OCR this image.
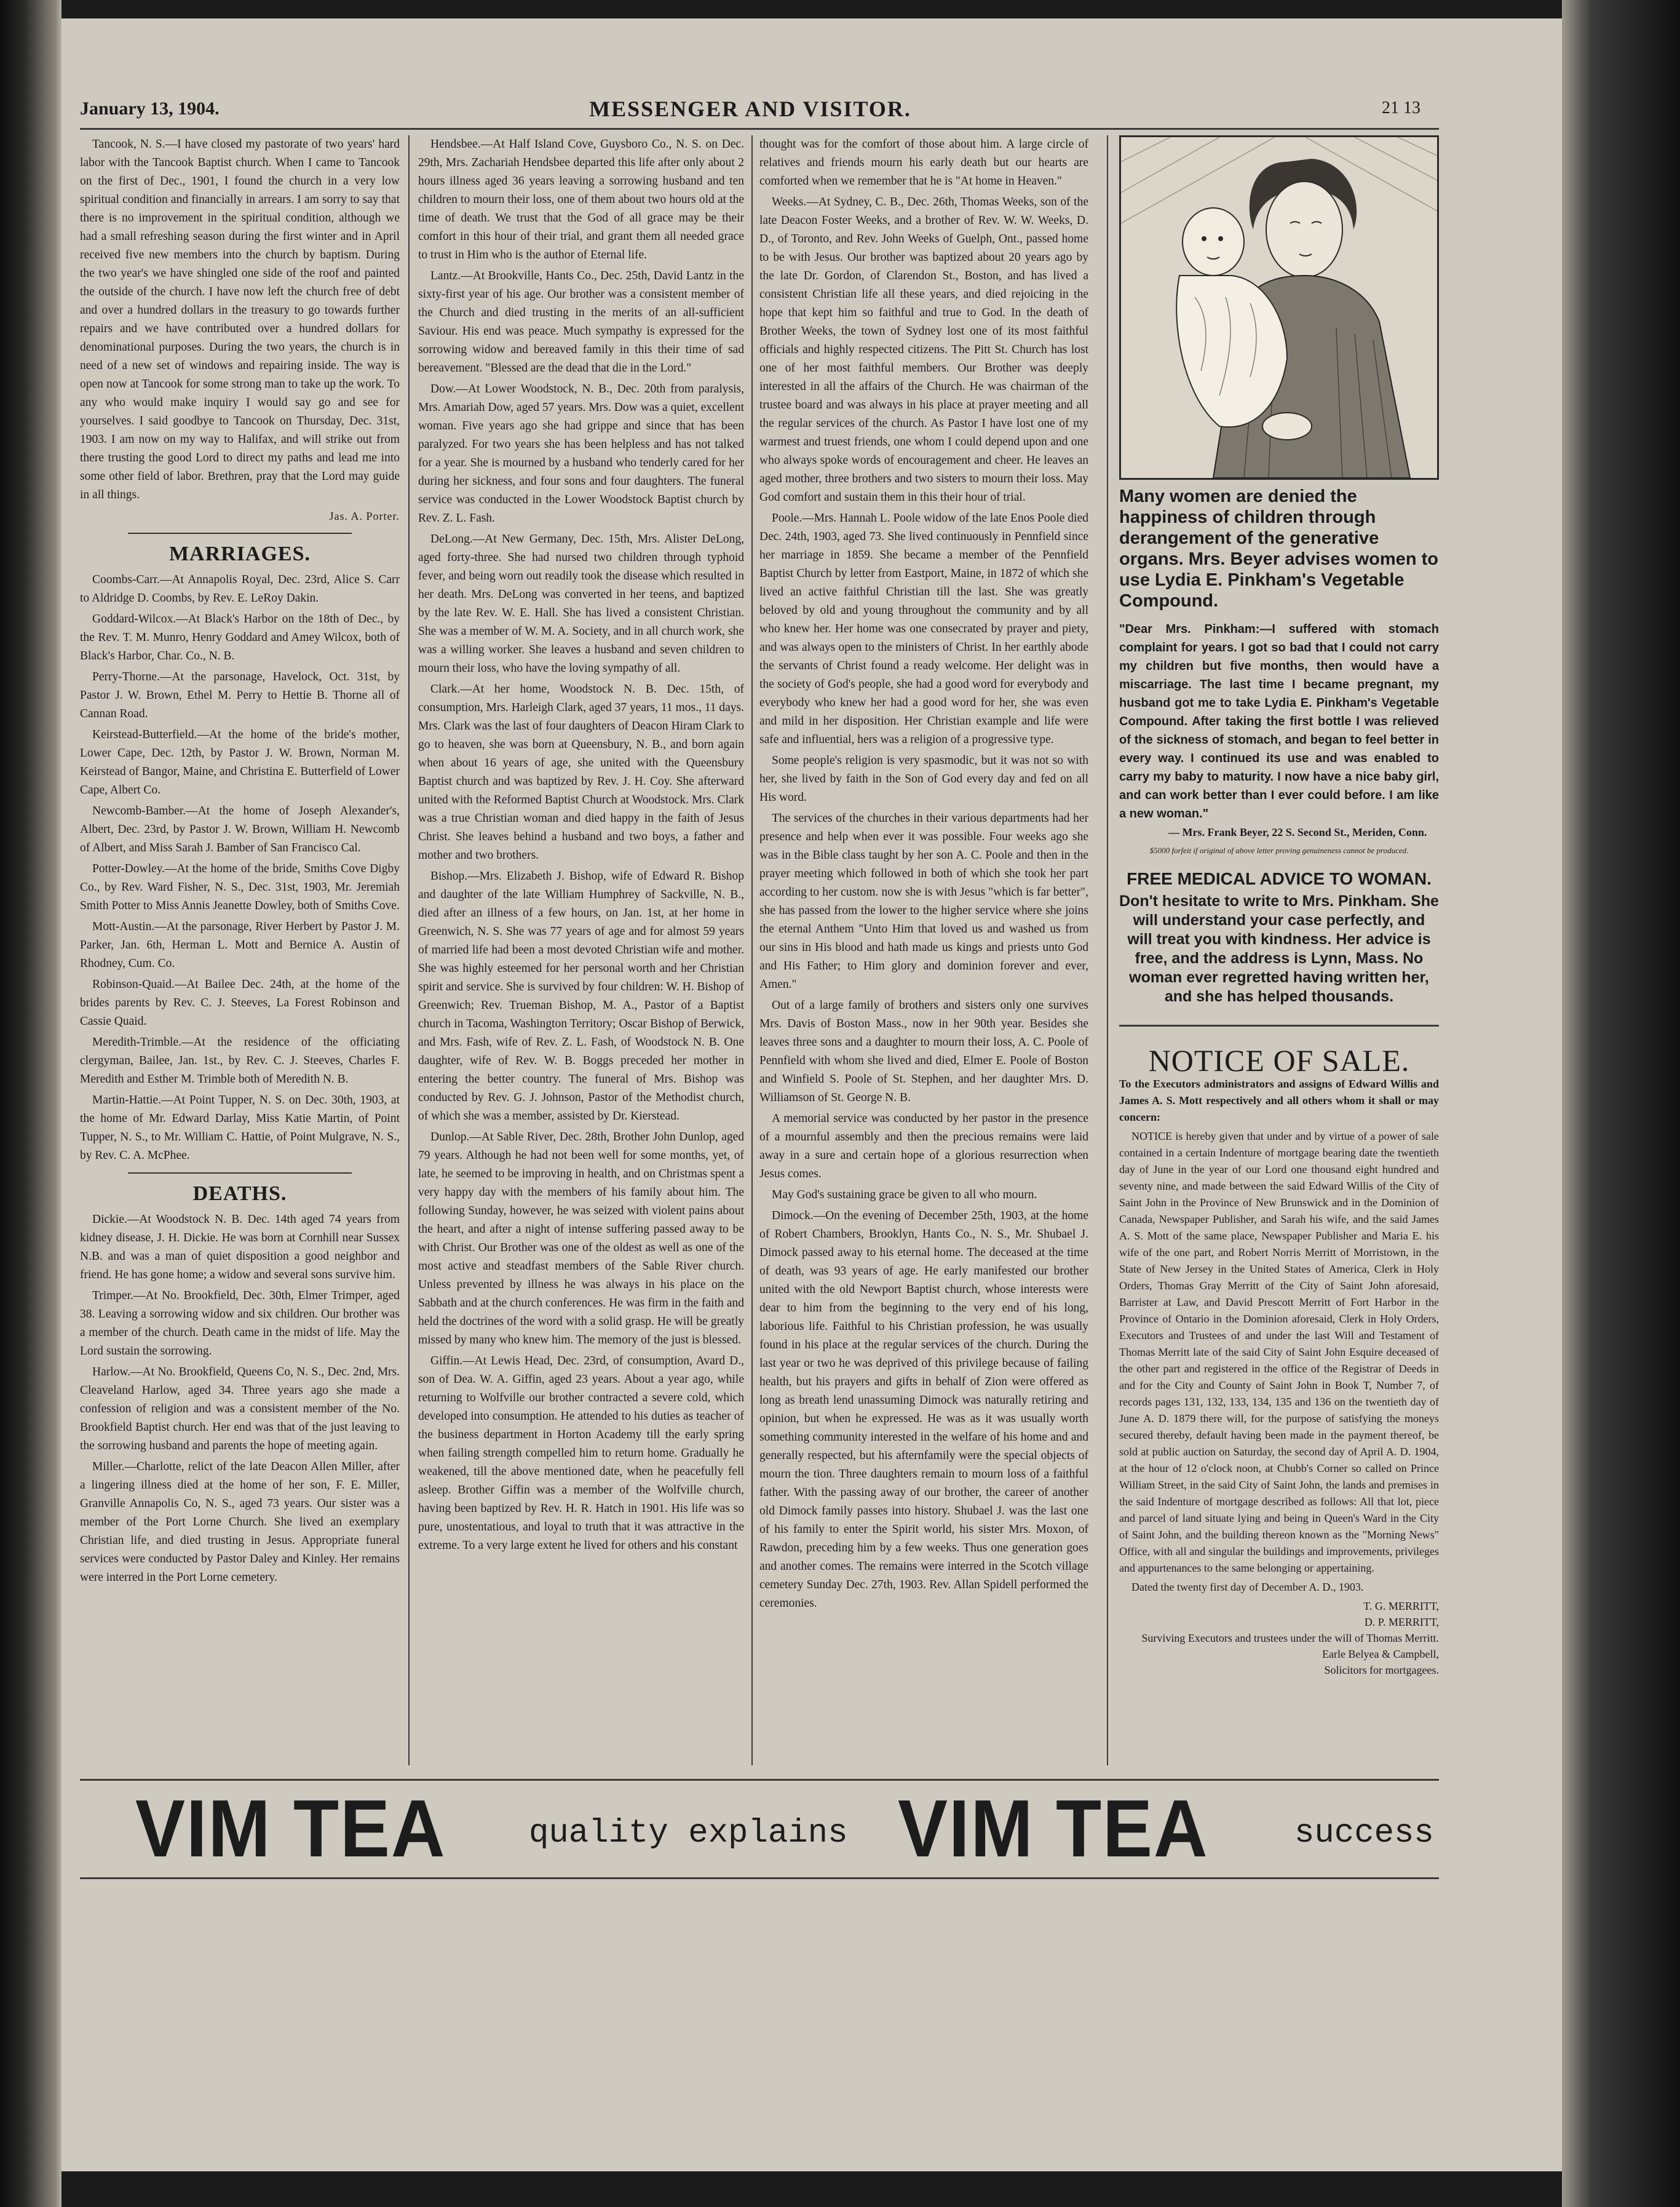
January 13, 1904.	MESSENGER AND VISITOR.	21 13

Tancook, N. S.—I have closed my pastorate of two years' hard labor with the Tancook Baptist church. When I came to Tancook on the first of Dec., 1901, I found the church in a very low spiritual condition and financially in arrears. I am sorry to say that there is no improvement in the spiritual condition, although we had a small refreshing season during the first winter and in April received five new members into the church by baptism. During the two year's we have shingled one side of the roof and painted the outside of the church. I have now left the church free of debt and over a hundred dollars in the treasury to go towards further repairs and we have contributed over a hundred dollars for denominational purposes. During the two years, the church is in need of a new set of windows and repairing inside. The way is open now at Tancook for some strong man to take up the work. To any who would make inquiry I would say go and see for yourselves. I said goodbye to Tancook on Thursday, Dec. 31st, 1903. I am now on my way to Halifax, and will strike out from there trusting the good Lord to direct my paths and lead me into some other field of labor. Brethren, pray that the Lord may guide in all things.

Jas. A. Porter.

MARRIAGES.

Coombs-Carr.—At Annapolis Royal, Dec. 23rd, Alice S. Carr to Aldridge D. Coombs, by Rev. E. LeRoy Dakin.

Goddard-Wilcox.—At Black's Harbor on the 18th of Dec., by the Rev. T. M. Munro, Henry Goddard and Amey Wilcox, both of Black's Harbor, Char. Co., N. B.

Perry-Thorne.—At the parsonage, Havelock, Oct. 31st, by Pastor J. W. Brown, Ethel M. Perry to Hettie B. Thorne all of Cannan Road.

Keirstead-Butterfield.—At the home of the bride's mother, Lower Cape, Dec. 12th, by Pastor J. W. Brown, Norman M. Keirstead of Bangor, Maine, and Christina E. Butterfield of Lower Cape, Albert Co.

Newcomb-Bamber.—At the home of Joseph Alexander's, Albert, Dec. 23rd, by Pastor J. W. Brown, William H. Newcomb of Albert, and Miss Sarah J. Bamber of San Francisco Cal.

Potter-Dowley.—At the home of the bride, Smiths Cove Digby Co., by Rev. Ward Fisher, N. S., Dec. 31st, 1903, Mr. Jeremiah Smith Potter to Miss Annis Jeanette Dowley, both of Smiths Cove.

Mott-Austin.—At the parsonage, River Herbert by Pastor J. M. Parker, Jan. 6th, Herman L. Mott and Bernice A. Austin of Rhodney, Cum. Co.

Robinson-Quaid.—At Bailee Dec. 24th, at the home of the brides parents by Rev. C. J. Steeves, La Forest Robinson and Cassie Quaid.

Meredith-Trimble.—At the residence of the officiating clergyman, Bailee, Jan. 1st., by Rev. C. J. Steeves, Charles F. Meredith and Esther M. Trimble both of Meredith N. B.

Martin-Hattie.—At Point Tupper, N. S. on Dec. 30th, 1903, at the home of Mr. Edward Darlay, Miss Katie Martin, of Point Tupper, N. S., to Mr. William C. Hattie, of Point Mulgrave, N. S., by Rev. C. A. McPhee.

DEATHS.

Dickie.—At Woodstock N. B. Dec. 14th aged 74 years from kidney disease, J. H. Dickie. He was born at Cornhill near Sussex N.B. and was a man of quiet disposition a good neighbor and friend. He has gone home; a widow and several sons survive him.

Trimper.—At No. Brookfield, Dec. 30th, Elmer Trimper, aged 38. Leaving a sorrowing widow and six children. Our brother was a member of the church. Death came in the midst of life. May the Lord sustain the sorrowing.

Harlow.—At No. Brookfield, Queens Co, N. S., Dec. 2nd, Mrs. Cleaveland Harlow, aged 34. Three years ago she made a confession of religion and was a consistent member of the No. Brookfield Baptist church. Her end was that of the just leaving to the sorrowing husband and parents the hope of meeting again.

Miller.—Charlotte, relict of the late Deacon Allen Miller, after a lingering illness died at the home of her son, F. E. Miller, Granville Annapolis Co, N. S., aged 73 years. Our sister was a member of the Port Lorne Church. She lived an exemplary Christian life, and died trusting in Jesus. Appropriate funeral services were conducted by Pastor Daley and Kinley. Her remains were interred in the Port Lorne cemetery.

Hendsbee.—At Half Island Cove, Guysboro Co., N. S. on Dec. 29th, Mrs. Zachariah Hendsbee departed this life after only about 2 hours illness aged 36 years leaving a sorrowing husband and ten children to mourn their loss, one of them about two hours old at the time of death. We trust that the God of all grace may be their comfort in this hour of their trial, and grant them all needed grace to trust in Him who is the author of Eternal life.

Lantz.—At Brookville, Hants Co., Dec. 25th, David Lantz in the sixty-first year of his age. Our brother was a consistent member of the Church and died trusting in the merits of an all-sufficient Saviour. His end was peace. Much sympathy is expressed for the sorrowing widow and bereaved family in this their time of sad bereavement. "Blessed are the dead that die in the Lord."

Dow.—At Lower Woodstock, N. B., Dec. 20th from paralysis, Mrs. Amariah Dow, aged 57 years. Mrs. Dow was a quiet, excellent woman. Five years ago she had grippe and since that has been paralyzed. For two years she has been helpless and has not talked for a year. She is mourned by a husband who tenderly cared for her during her sickness, and four sons and four daughters. The funeral service was conducted in the Lower Woodstock Baptist church by Rev. Z. L. Fash.

DeLong.—At New Germany, Dec. 15th, Mrs. Alister DeLong, aged forty-three. She had nursed two children through typhoid fever, and being worn out readily took the disease which resulted in her death. Mrs. DeLong was converted in her teens, and baptized by the late Rev. W. E. Hall. She has lived a consistent Christian. She was a member of W. M. A. Society, and in all church work, she was a willing worker. She leaves a husband and seven children to mourn their loss, who have the loving sympathy of all.

Clark.—At her home, Woodstock N. B. Dec. 15th, of consumption, Mrs. Harleigh Clark, aged 37 years, 11 mos., 11 days. Mrs. Clark was the last of four daughters of Deacon Hiram Clark to go to heaven, she was born at Queensbury, N. B., and born again when about 16 years of age, she united with the Queensbury Baptist church and was baptized by Rev. J. H. Coy. She afterward united with the Reformed Baptist Church at Woodstock. Mrs. Clark was a true Christian woman and died happy in the faith of Jesus Christ. She leaves behind a husband and two boys, a father and mother and two brothers.

Bishop.—Mrs. Elizabeth J. Bishop, wife of Edward R. Bishop and daughter of the late William Humphrey of Sackville, N. B., died after an illness of a few hours, on Jan. 1st, at her home in Greenwich, N. S. She was 77 years of age and for almost 59 years of married life had been a most devoted Christian wife and mother. She was highly esteemed for her personal worth and her Christian spirit and service. She is survived by four children: W. H. Bishop of Greenwich; Rev. Trueman Bishop, M. A., Pastor of a Baptist church in Tacoma, Washington Territory; Oscar Bishop of Berwick, and Mrs. Fash, wife of Rev. Z. L. Fash, of Woodstock N. B. One daughter, wife of Rev. W. B. Boggs preceded her mother in entering the better country. The funeral of Mrs. Bishop was conducted by Rev. G. J. Johnson, Pastor of the Methodist church, of which she was a member, assisted by Dr. Kierstead.

Dunlop.—At Sable River, Dec. 28th, Brother John Dunlop, aged 79 years. Although he had not been well for some months, yet, of late, he seemed to be improving in health, and on Christmas spent a very happy day with the members of his family about him. The following Sunday, however, he was seized with violent pains about the heart, and after a night of intense suffering passed away to be with Christ. Our Brother was one of the oldest as well as one of the most active and steadfast members of the Sable River church. Unless prevented by illness he was always in his place on the Sabbath and at the church conferences. He was firm in the faith and held the doctrines of the word with a solid grasp. He will be greatly missed by many who knew him. The memory of the just is blessed.

Giffin.—At Lewis Head, Dec. 23rd, of consumption, Avard D., son of Dea. W. A. Giffin, aged 23 years. About a year ago, while returning to Wolfville our brother contracted a severe cold, which developed into consumption. He attended to his duties as teacher of the business department in Horton Academy till the early spring when failing strength compelled him to return home. Gradually he weakened, till the above mentioned date, when he peacefully fell asleep. Brother Giffin was a member of the Wolfville church, having been baptized by Rev. H. R. Hatch in 1901. His life was so pure, unostentatious, and loyal to truth that it was attractive in the extreme. To a very large extent he lived for others and his constant

thought was for the comfort of those about him. A large circle of relatives and friends mourn his early death but our hearts are comforted when we remember that he is "At home in Heaven."

Weeks.—At Sydney, C. B., Dec. 26th, Thomas Weeks, son of the late Deacon Foster Weeks, and a brother of Rev. W. W. Weeks, D. D., of Toronto, and Rev. John Weeks of Guelph, Ont., passed home to be with Jesus. Our brother was baptized about 20 years ago by the late Dr. Gordon, of Clarendon St., Boston, and has lived a consistent Christian life all these years, and died rejoicing in the hope that kept him so faithful and true to God. In the death of Brother Weeks, the town of Sydney lost one of its most faithful officials and highly respected citizens. The Pitt St. Church has lost one of her most faithful members. Our Brother was deeply interested in all the affairs of the Church. He was chairman of the trustee board and was always in his place at prayer meeting and all the regular services of the church. As Pastor I have lost one of my warmest and truest friends, one whom I could depend upon and one who always spoke words of encouragement and cheer. He leaves an aged mother, three brothers and two sisters to mourn their loss. May God comfort and sustain them in this their hour of trial.

Poole.—Mrs. Hannah L. Poole widow of the late Enos Poole died Dec. 24th, 1903, aged 73. She lived continuously in Pennfield since her marriage in 1859. She became a member of the Pennfield Baptist Church by letter from Eastport, Maine, in 1872 of which she lived an active faithful Christian till the last. She was greatly beloved by old and young throughout the community and by all who knew her. Her home was one consecrated by prayer and piety, and was always open to the ministers of Christ. In her earthly abode the servants of Christ found a ready welcome. Her delight was in the society of God's people, she had a good word for everybody and everybody who knew her had a good word for her, she was even and mild in her disposition. Her Christian example and life were safe and influential, hers was a religion of a progressive type.

Some people's religion is very spasmodic, but it was not so with her, she lived by faith in the Son of God every day and fed on all His word.

The services of the churches in their various departments had her presence and help when ever it was possible. Four weeks ago she was in the Bible class taught by her son A. C. Poole and then in the prayer meeting which followed in both of which she took her part according to her custom. now she is with Jesus "which is far better", she has passed from the lower to the higher service where she joins the eternal Anthem "Unto Him that loved us and washed us from our sins in His blood and hath made us kings and priests unto God and His Father; to Him glory and dominion forever and ever, Amen."

Out of a large family of brothers and sisters only one survives Mrs. Davis of Boston Mass., now in her 90th year. Besides she leaves three sons and a daughter to mourn their loss, A. C. Poole of Pennfield with whom she lived and died, Elmer E. Poole of Boston and Winfield S. Poole of St. Stephen, and her daughter Mrs. D. Williamson of St. George N. B.

A memorial service was conducted by her pastor in the presence of a mournful assembly and then the precious remains were laid away in a sure and certain hope of a glorious resurrection when Jesus comes.

May God's sustaining grace be given to all who mourn.

Dimock.—On the evening of December 25th, 1903, at the home of Robert Chambers, Brooklyn, Hants Co., N. S., Mr. Shubael J. Dimock passed away to his eternal home. The deceased at the time of death, was 93 years of age. He early manifested our brother united with the old Newport Baptist church, whose interests were dear to him from the beginning to the very end of his long, laborious life. Faithful to his Christian profession, he was usually found in his place at the regular services of the church. During the last year or two he was deprived of this privilege because of failing health, but his prayers and gifts in behalf of Zion were offered as long as breath lend unassuming Dimock was naturally retiring and opinion, but when he expressed. He was as it was usually worth something community interested in the welfare of his home and and generally respected, but his afternfamily were the special objects of mourn the tion. Three daughters remain to mourn loss of a faithful father. With the passing away of our brother, the career of another old Dimock family passes into history. Shubael J. was the last one of his family to enter the Spirit world, his sister Mrs. Moxon, of Rawdon, preceding him by a few weeks. Thus one generation goes and another comes. The remains were interred in the Scotch village cemetery Sunday Dec. 27th, 1903. Rev. Allan Spidell performed the ceremonies.

Many women are denied the happiness of children through derangement of the generative organs. Mrs. Beyer advises women to use Lydia E. Pinkham's Vegetable Compound.
"Dear Mrs. Pinkham:—I suffered with stomach complaint for years. I got so bad that I could not carry my children but five months, then would have a miscarriage. The last time I became pregnant, my husband got me to take Lydia E. Pinkham's Vegetable Compound. After taking the first bottle I was relieved of the sickness of stomach, and began to feel better in every way. I continued its use and was enabled to carry my baby to maturity. I now have a nice baby girl, and can work better than I ever could before. I am like a new woman."
— Mrs. Frank Beyer, 22 S. Second St., Meriden, Conn.
$5000 forfeit if original of above letter proving genuineness cannot be produced.
FREE MEDICAL ADVICE TO WOMAN.
Don't hesitate to write to Mrs. Pinkham. She will understand your case perfectly, and will treat you with kindness. Her advice is free, and the address is Lynn, Mass. No woman ever regretted having written her, and she has helped thousands.
NOTICE OF SALE.

To the Executors administrators and assigns of Edward Willis and James A. S. Mott respectively and all others whom it shall or may concern:

NOTICE is hereby given that under and by virtue of a power of sale contained in a certain Indenture of mortgage bearing date the twentieth day of June in the year of our Lord one thousand eight hundred and seventy nine, and made between the said Edward Willis of the City of Saint John in the Province of New Brunswick and in the Dominion of Canada, Newspaper Publisher, and Sarah his wife, and the said James A. S. Mott of the same place, Newspaper Publisher and Maria E. his wife of the one part, and Robert Norris Merritt of Morristown, in the State of New Jersey in the United States of America, Clerk in Holy Orders, Thomas Gray Merritt of the City of Saint John aforesaid, Barrister at Law, and David Prescott Merritt of Fort Harbor in the Province of Ontario in the Dominion aforesaid, Clerk in Holy Orders, Executors and Trustees of and under the last Will and Testament of Thomas Merritt late of the said City of Saint John Esquire deceased of the other part and registered in the office of the Registrar of Deeds in and for the City and County of Saint John in Book T, Number 7, of records pages 131, 132, 133, 134, 135 and 136 on the twentieth day of June A. D. 1879 there will, for the purpose of satisfying the moneys secured thereby, default having been made in the payment thereof, be sold at public auction on Saturday, the second day of April A. D. 1904, at the hour of 12 o'clock noon, at Chubb's Corner so called on Prince William Street, in the said City of Saint John, the lands and premises in the said Indenture of mortgage described as follows: All that lot, piece and parcel of land situate lying and being in Queen's Ward in the City of Saint John, and the building thereon known as the "Morning News" Office, with all and singular the buildings and improvements, privileges and appurtenances to the same belonging or appertaining.

Dated the twenty first day of December A. D., 1903.

T. G. MERRITT,
D. P. MERRITT,
Surviving Executors and trustees under the will of Thomas Merritt.
Earle Belyea & Campbell,
Solicitors for mortgagees.
VIM TEA quality explains VIM TEA	success
